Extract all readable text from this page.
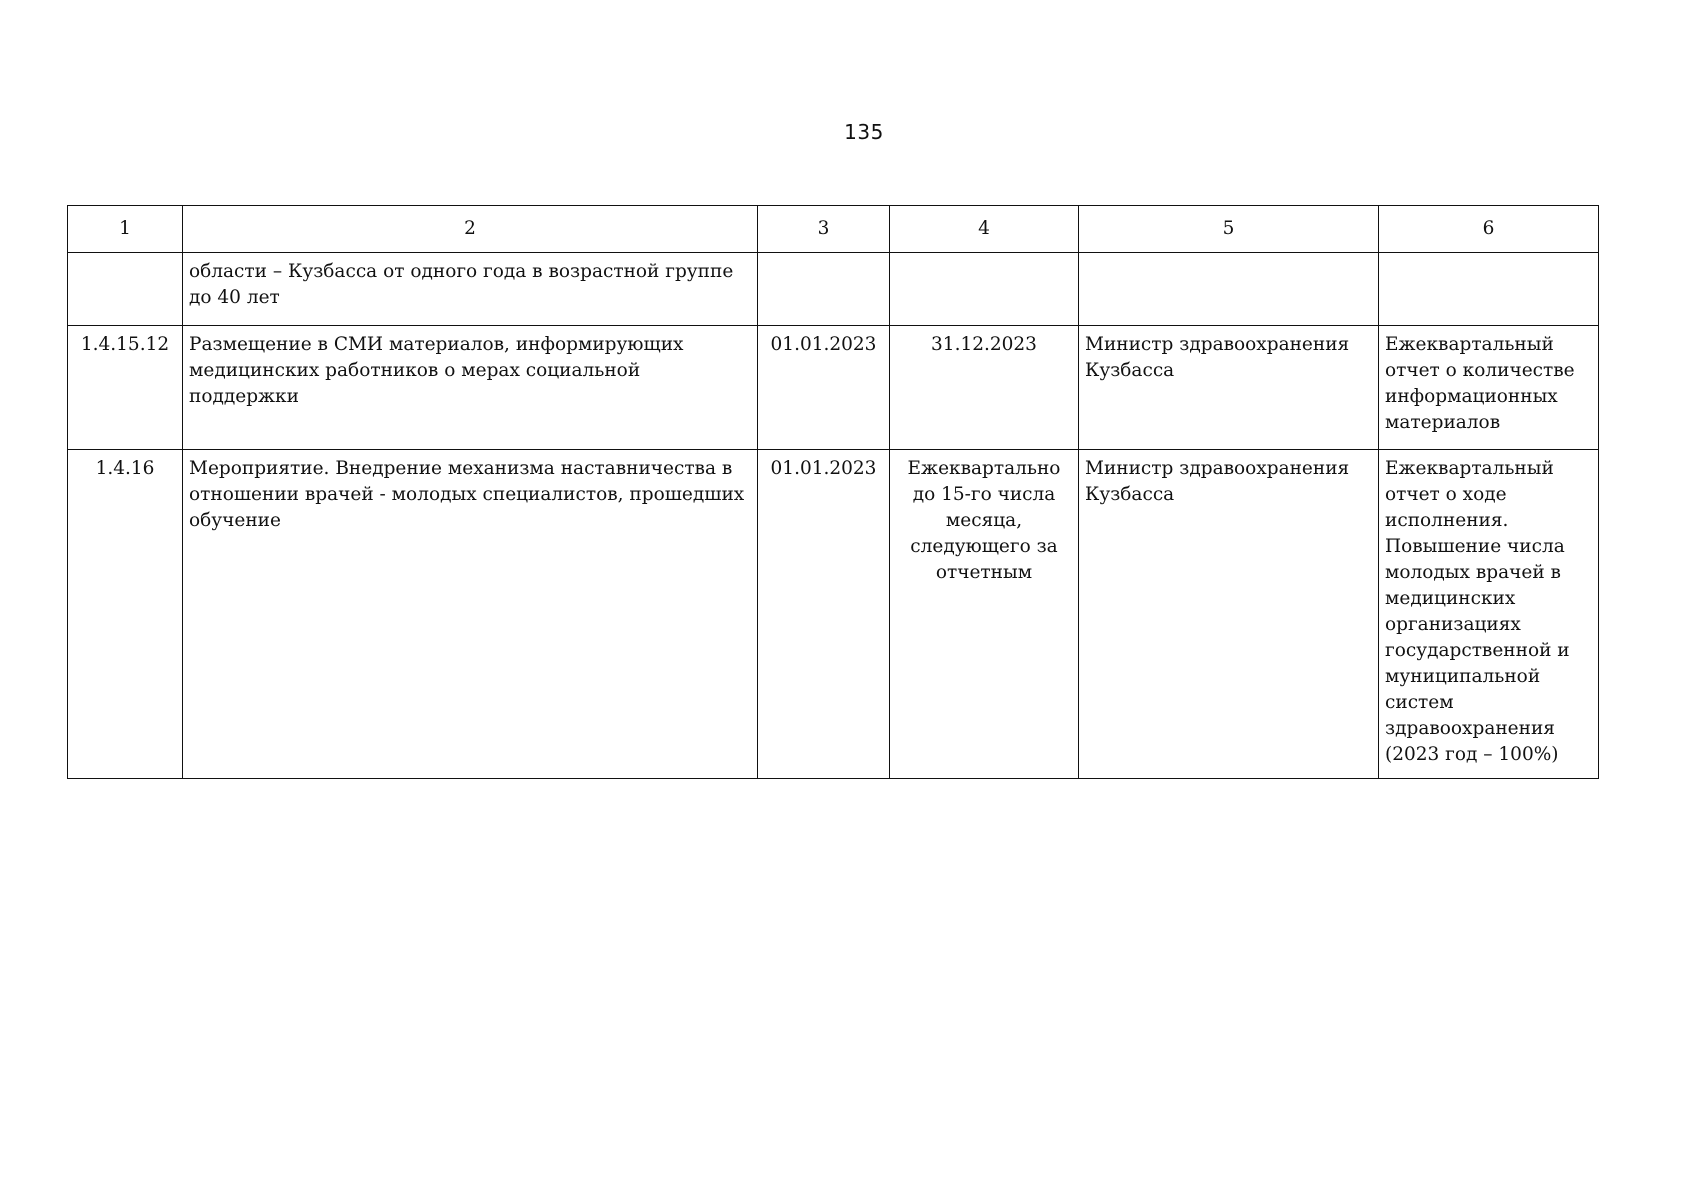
135
1	2	3	4	5	6
	области – Кузбасса от одного года в возрастной группе до 40 лет				
1.4.15.12	Размещение в СМИ материалов, информирующих медицинских работников о мерах социальной поддержки	01.01.2023	31.12.2023	Министр здравоохранения Кузбасса	Ежеквартальный отчет о количестве информационных материалов
1.4.16	Мероприятие. Внедрение механизма наставничества в отношении врачей - молодых специалистов, прошедших обучение	01.01.2023	Ежеквартально до 15-го числа месяца, следующего за отчетным	Министр здравоохранения Кузбасса	Ежеквартальный отчет о ходе исполнения. Повышение числа молодых врачей в медицинских организациях государственной и муниципальной систем здравоохранения (2023 год – 100%)
